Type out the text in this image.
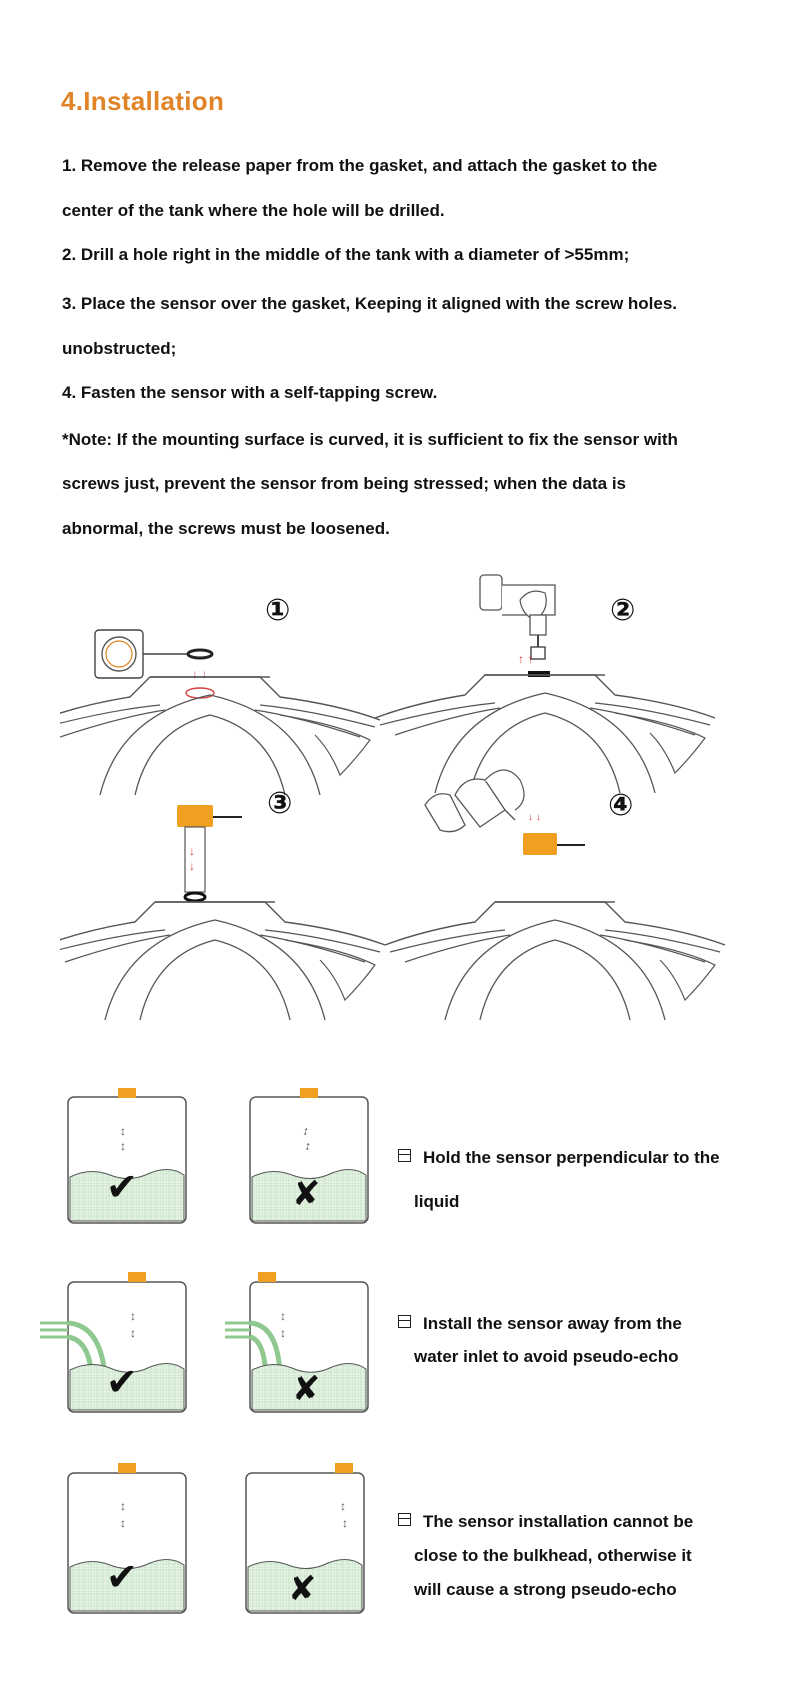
4.Installation
1. Remove the release paper from the gasket, and attach the gasket to the
center of the tank where the hole will be drilled.
2. Drill a hole right in the middle of the tank with a diameter of >55mm;
3. Place the sensor over the gasket, Keeping it aligned with the screw holes.
unobstructed;
4. Fasten the sensor with a self-tapping screw.
*Note: If the mounting surface is curved, it is sufficient to fix the sensor with
screws just, prevent the sensor from being stressed; when the data is
abnormal, the screws must be loosened.
↓ ↓
①
↑ ↑
②
↓
↓
③	↓ ↓ ④
↕
↕
✔
↕
↕
✘
↕
↕
✔
↕
↕
✘
↕
↕
✔
↕
↕
✘
Hold the sensor perpendicular to the
liquid
Install the sensor away from the
water inlet to avoid pseudo-echo
The sensor installation cannot be
close to the bulkhead, otherwise it
will cause a strong pseudo-echo
